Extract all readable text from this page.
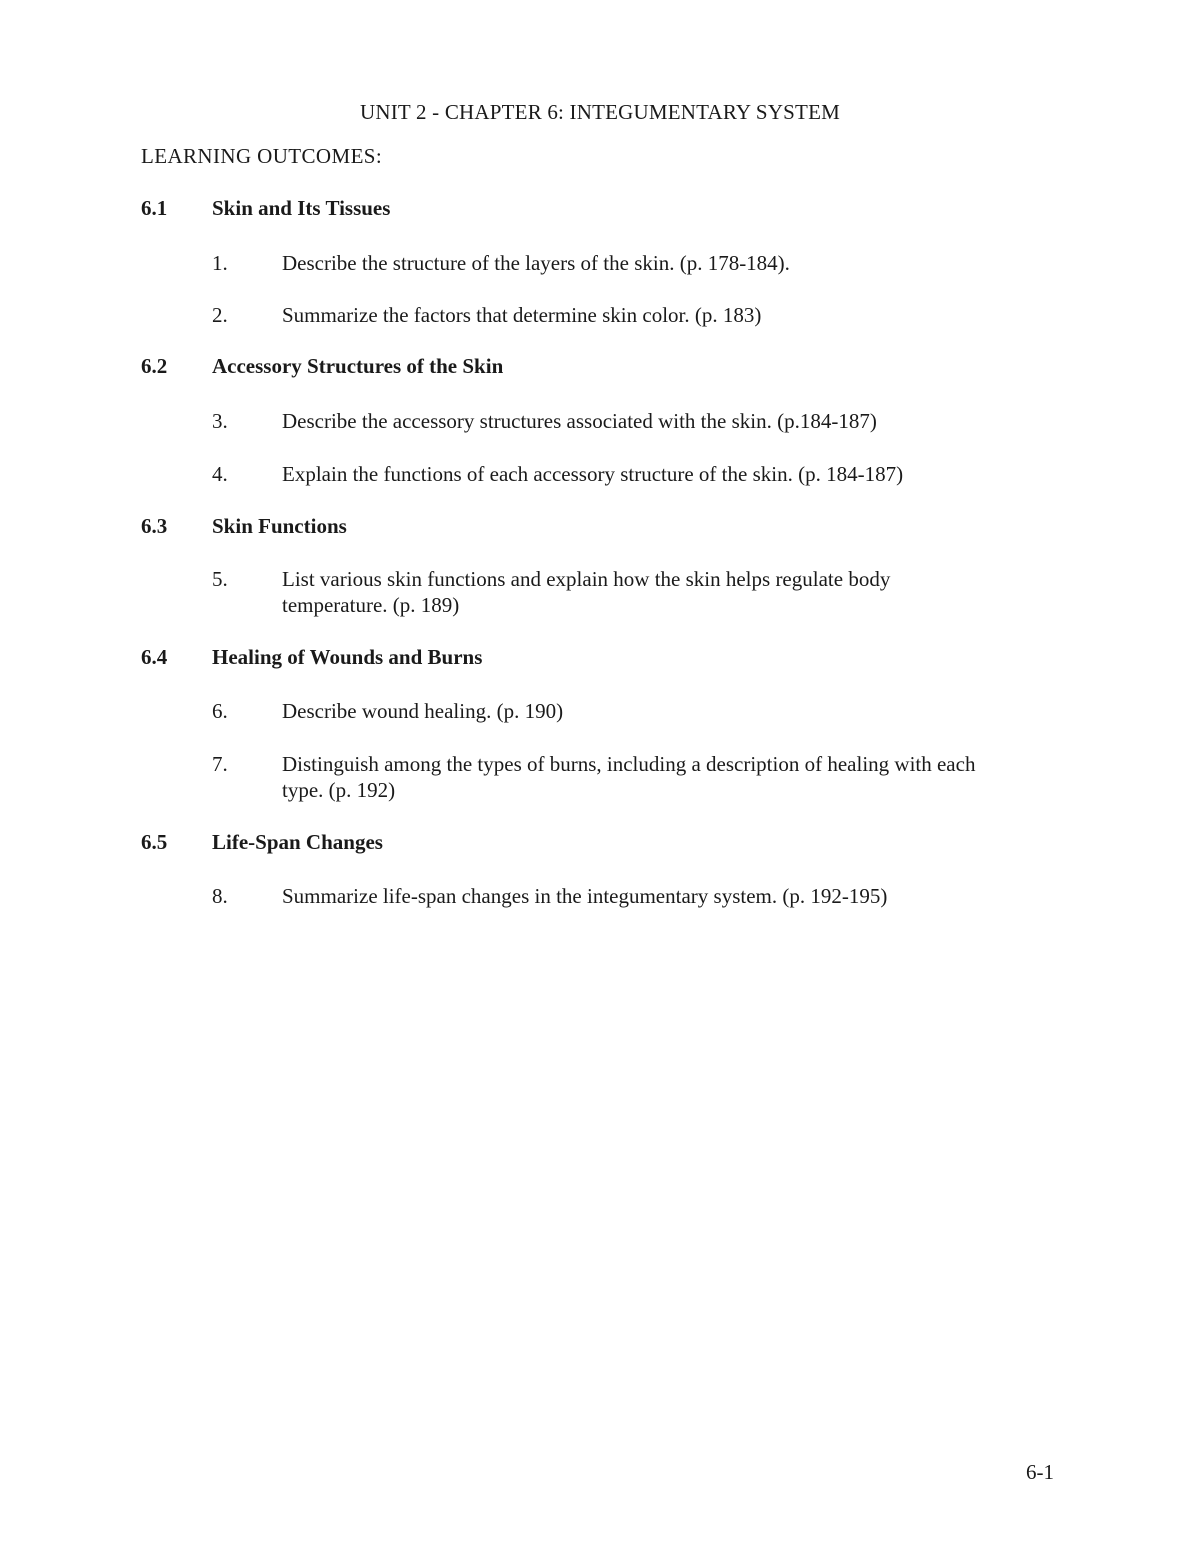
UNIT 2 - CHAPTER 6: INTEGUMENTARY SYSTEM
LEARNING OUTCOMES:
6.1	Skin and Its Tissues
1.	Describe the structure of the layers of the skin. (p. 178-184).
2.	Summarize the factors that determine skin color. (p. 183)
6.2	Accessory Structures of the Skin
3.	Describe the accessory structures associated with the skin. (p.184-187)
4.	Explain the functions of each accessory structure of the skin. (p. 184-187)
6.3	Skin Functions
5.	List various skin functions and explain how the skin helps regulate body temperature. (p. 189)
6.4	Healing of Wounds and Burns
6.	Describe wound healing. (p. 190)
7.	Distinguish among the types of burns, including a description of healing with each type. (p. 192)
6.5	Life-Span Changes
8.	Summarize life-span changes in the integumentary system. (p. 192-195)
6-1
